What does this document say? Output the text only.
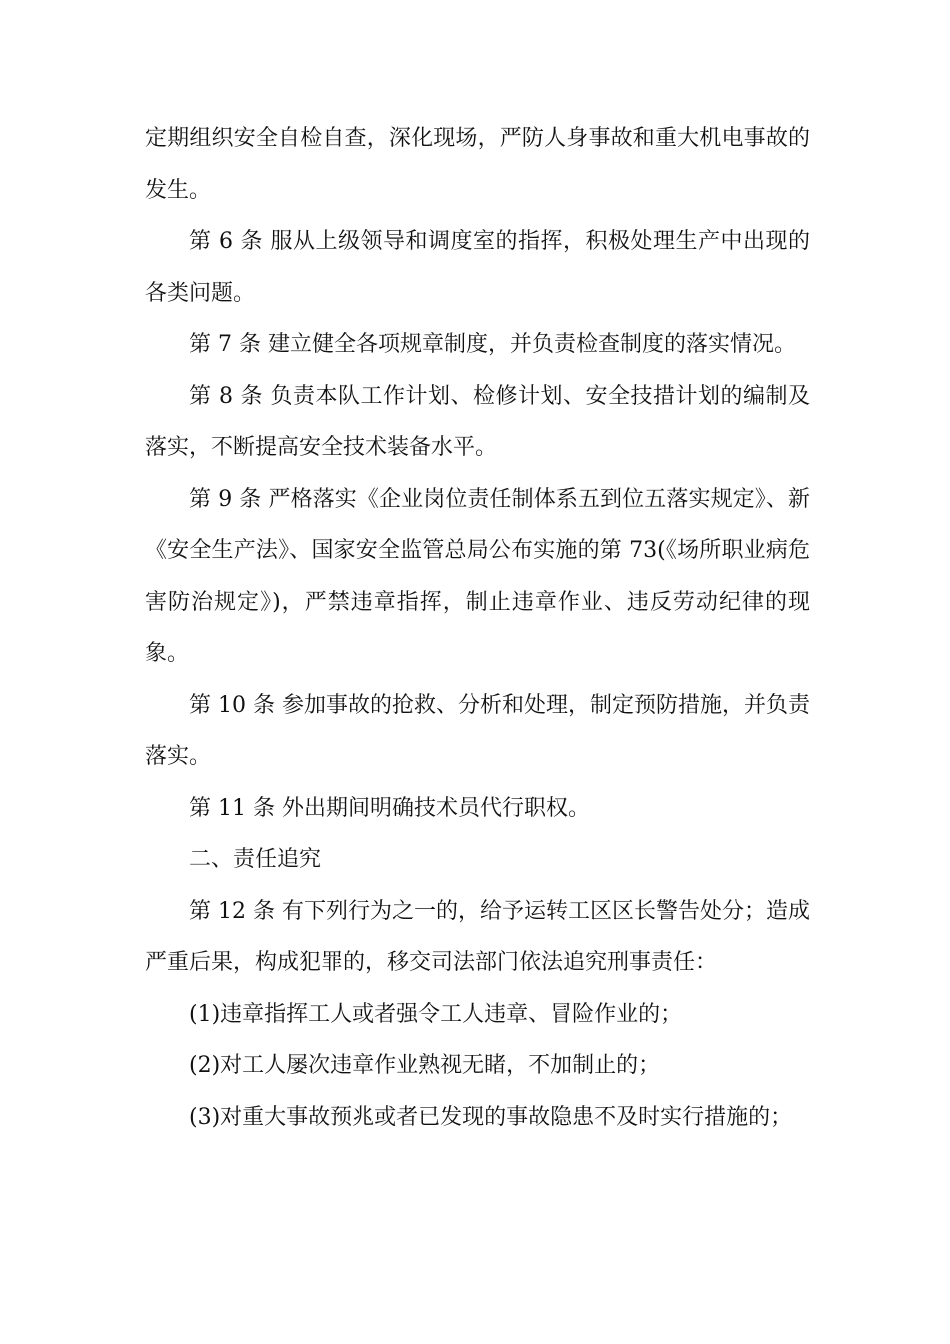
定期组织安全自检自查，深化现场，严防人身事故和重大机电事故的发生。

第 6 条 服从上级领导和调度室的指挥，积极处理生产中出现的各类问题。

第 7 条 建立健全各项规章制度，并负责检查制度的落实情况。

第 8 条 负责本队工作计划、检修计划、安全技措计划的编制及落实，不断提高安全技术装备水平。

第 9 条 严格落实《企业岗位责任制体系五到位五落实规定》、新《安全生产法》、国家安全监管总局公布实施的第 73(《场所职业病危害防治规定》)，严禁违章指挥，制止违章作业、违反劳动纪律的现象。

第 10 条 参加事故的抢救、分析和处理，制定预防措施，并负责落实。

第 11 条 外出期间明确技术员代行职权。

二、责任追究

第 12 条 有下列行为之一的，给予运转工区区长警告处分；造成严重后果，构成犯罪的，移交司法部门依法追究刑事责任：

(1)违章指挥工人或者强令工人违章、冒险作业的；

(2)对工人屡次违章作业熟视无睹，不加制止的；

(3)对重大事故预兆或者已发现的事故隐患不及时实行措施的；
